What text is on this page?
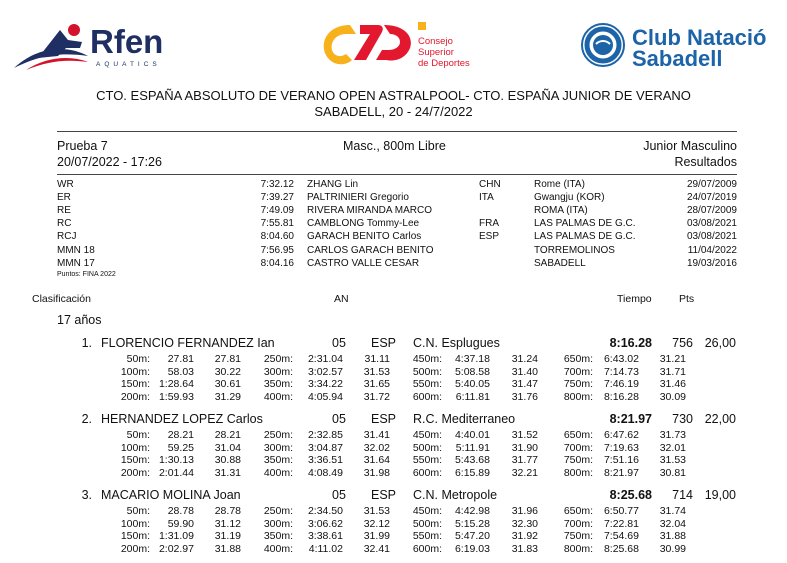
Rfen
AQUATICS
Consejo
Superior
de Deportes
Club Natació
Sabadell
CTO. ESPAÑA ABSOLUTO DE VERANO OPEN ASTRALPOOL- CTO. ESPAÑA JUNIOR DE VERANO
SABADELL, 20 - 24/7/2022
Prueba 7
20/07/2022 - 17:26
Masc., 800m Libre	Junior Masculino
Resultados
WR	7:32.12 ZHANG Lin	CHN	Rome (ITA)	29/07/2009
ER	7:39.27 PALTRINIERI Gregorio	ITA	Gwangju (KOR)	24/07/2019
RE	7:49.09 RIVERA MIRANDA MARCO	ROMA (ITA)	28/07/2009
RC	7:55.81 CAMBLONG Tommy-Lee	FRA	LAS PALMAS DE G.C.	03/08/2021
RCJ	8:04.60 GARACH BENITO Carlos	ESP	LAS PALMAS DE G.C.	03/08/2021
MMN 18	7:56.95 CARLOS GARACH BENITO	TORREMOLINOS	11/04/2022
MMN 17	8:04.16 CASTRO VALLE CESAR	SABADELL	19/03/2016
Puntos: FINA 2022
Clasificación	AN	Tiempo	Pts
17 años
1. FLORENCIO FERNANDEZ Ian	05 ESP C.N. Esplugues	8:16.28 756 26,00
50m: 27.81 27.81 250m: 2:31.04 31.11 450m: 4:37.18 31.24 650m: 6:43.02 31.21
100m: 58.03 30.22 300m: 3:02.57 31.53 500m: 5:08.58 31.40 700m: 7:14.73 31.71
150m: 1:28.64 30.61 350m: 3:34.22 31.65 550m: 5:40.05 31.47 750m: 7:46.19 31.46
200m: 1:59.93 31.29 400m: 4:05.94 31.72 600m: 6:11.81 31.76 800m: 8:16.28 30.09
2. HERNANDEZ LOPEZ Carlos	05 ESP R.C. Mediterraneo	8:21.97 730 22,00
50m: 28.21 28.21 250m: 2:32.85 31.41 450m: 4:40.01 31.52 650m: 6:47.62 31.73
100m: 59.25 31.04 300m: 3:04.87 32.02 500m: 5:11.91 31.90 700m: 7:19.63 32.01
150m: 1:30.13 30.88 350m: 3:36.51 31.64 550m: 5:43.68 31.77 750m: 7:51.16 31.53
200m: 2:01.44 31.31 400m: 4:08.49 31.98 600m: 6:15.89 32.21 800m: 8:21.97 30.81
3. MACARIO MOLINA Joan	05 ESP C.N. Metropole	8:25.68 714 19,00
50m: 28.78 28.78 250m: 2:34.50 31.53 450m: 4:42.98 31.96 650m: 6:50.77 31.74
100m: 59.90 31.12 300m: 3:06.62 32.12 500m: 5:15.28 32.30 700m: 7:22.81 32.04
150m: 1:31.09 31.19 350m: 3:38.61 31.99 550m: 5:47.20 31.92 750m: 7:54.69 31.88
200m: 2:02.97 31.88 400m: 4:11.02 32.41 600m: 6:19.03 31.83 800m: 8:25.68 30.99
